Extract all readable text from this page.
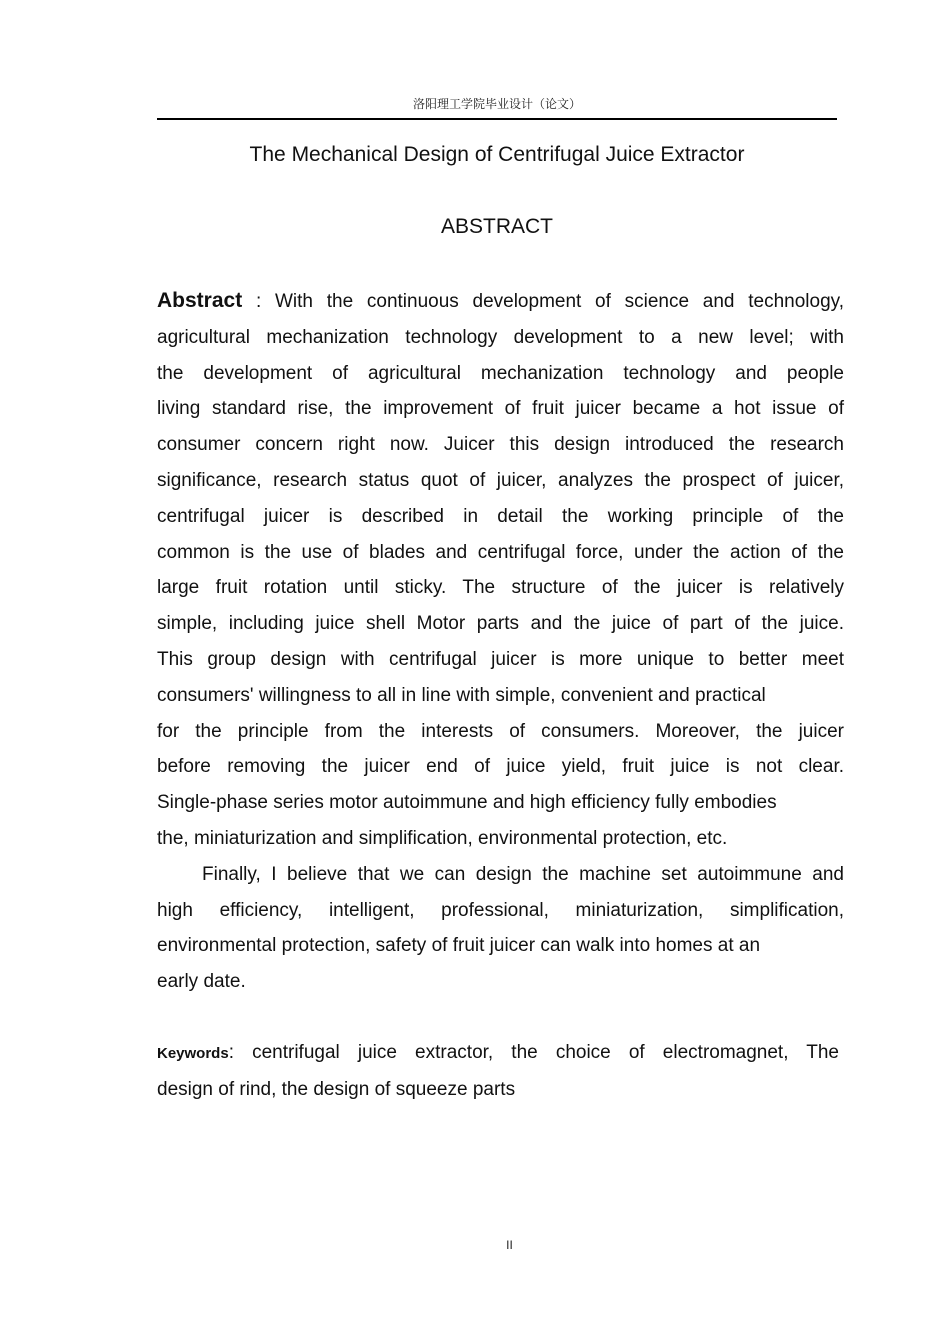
洛阳理工学院毕业设计（论文）
The Mechanical Design of Centrifugal Juice Extractor
ABSTRACT
Abstract : With the continuous development of science and technology,
agricultural mechanization technology development to a new level; with
the development of agricultural mechanization technology and people
living standard rise, the improvement of fruit juicer became a hot issue of
consumer concern right now. Juicer this design introduced the research
significance, research status quot of juicer, analyzes the prospect of juicer,
centrifugal juicer is described in detail the working principle of the
common is the use of blades and centrifugal force, under the action of the
large fruit rotation until sticky. The structure of the juicer is relatively
simple, including juice shell Motor parts and the juice of part of the juice.
This group design with centrifugal juicer is more unique to better meet
consumers' willingness to all in line with simple, convenient and practical
for the principle from the interests of consumers. Moreover, the juicer
before removing the juicer end of juice yield, fruit juice is not clear.
Single-phase series motor autoimmune and high efficiency fully embodies
the, miniaturization and simplification, environmental protection, etc.
Finally, I believe that we can design the machine set autoimmune and
high efficiency, intelligent, professional, miniaturization, simplification,
environmental protection, safety of fruit juicer can walk into homes at an
early date.
Keywords: centrifugal juice extractor, the choice of electromagnet, The
design of rind, the design of squeeze parts
II
